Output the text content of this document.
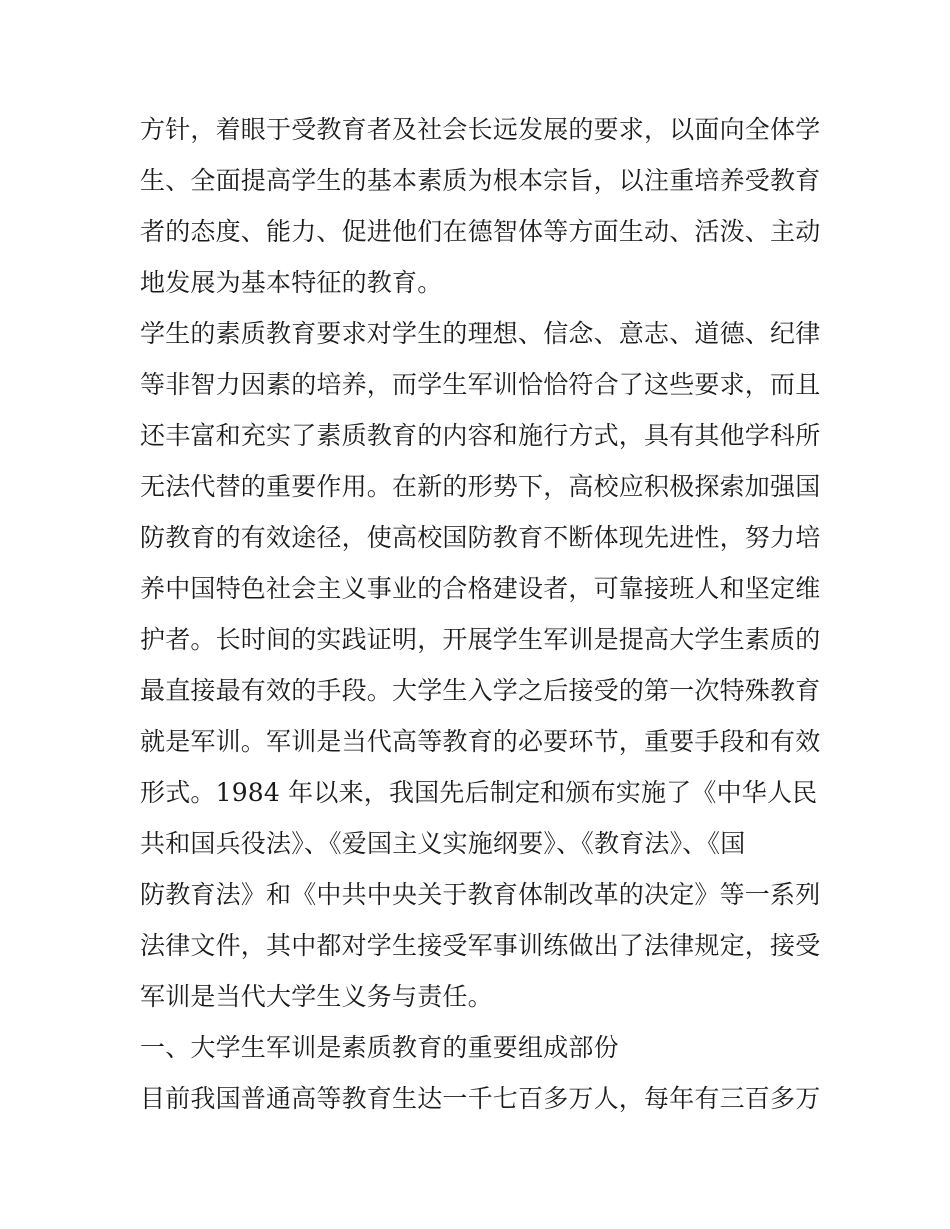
方针，着眼于受教育者及社会长远发展的要求，以面向全体学
生、全面提高学生的基本素质为根本宗旨，以注重培养受教育
者的态度、能力、促进他们在德智体等方面生动、活泼、主动
地发展为基本特征的教育。
学生的素质教育要求对学生的理想、信念、意志、道德、纪律
等非智力因素的培养，而学生军训恰恰符合了这些要求，而且
还丰富和充实了素质教育的内容和施行方式，具有其他学科所
无法代替的重要作用。在新的形势下，高校应积极探索加强国
防教育的有效途径，使高校国防教育不断体现先进性，努力培
养中国特色社会主义事业的合格建设者，可靠接班人和坚定维
护者。长时间的实践证明，开展学生军训是提高大学生素质的
最直接最有效的手段。大学生入学之后接受的第一次特殊教育
就是军训。军训是当代高等教育的必要环节，重要手段和有效
形式。1984 年以来，我国先后制定和颁布实施了《中华人民
共和国兵役法》、《爱国主义实施纲要》、《教育法》、《国
防教育法》和《中共中央关于教育体制改革的决定》等一系列
法律文件，其中都对学生接受军事训练做出了法律规定，接受
军训是当代大学生义务与责任。
一、大学生军训是素质教育的重要组成部份
目前我国普通高等教育生达一千七百多万人，每年有三百多万
